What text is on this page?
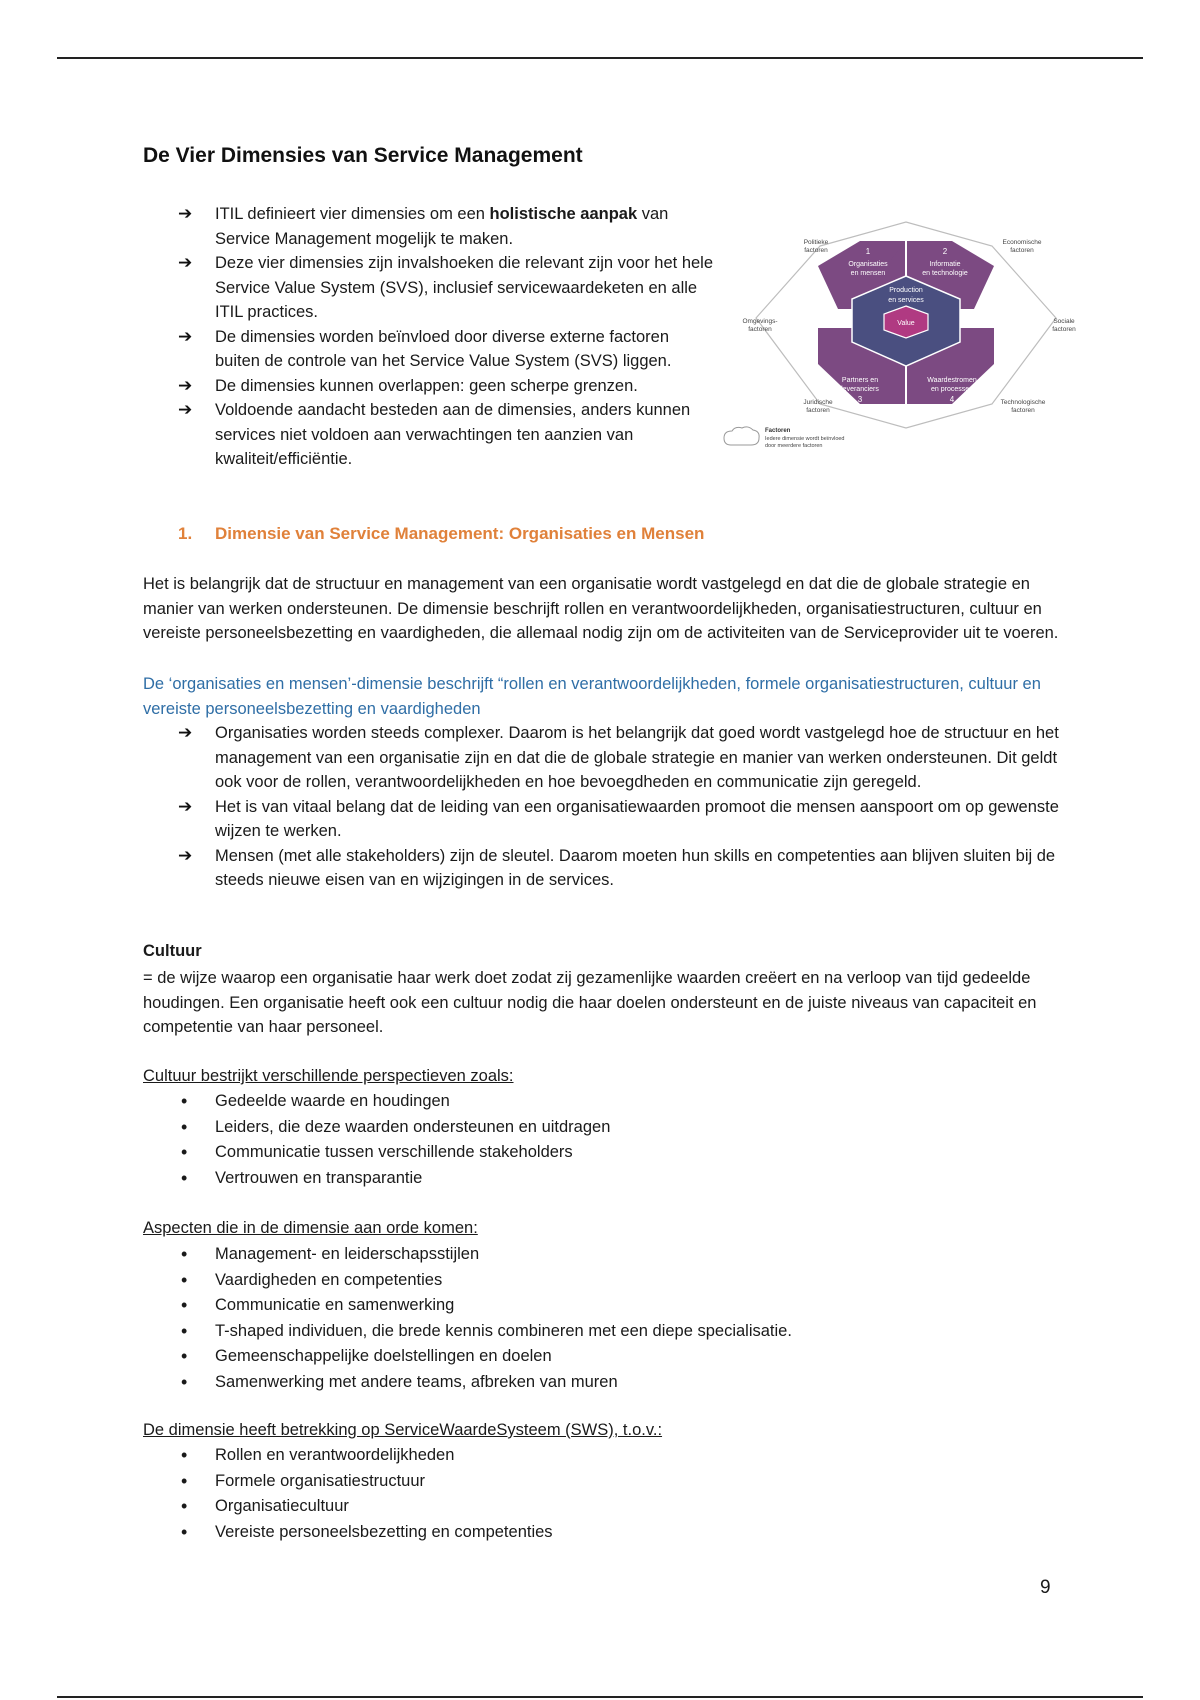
De Vier Dimensies van Service Management
➔ ITIL definieert vier dimensies om een holistische aanpak van Service Management mogelijk te maken.
➔ Deze vier dimensies zijn invalshoeken die relevant zijn voor het hele Service Value System (SVS), inclusief servicewaardeketen en alle ITIL practices.
➔ De dimensies worden beïnvloed door diverse externe factoren buiten de controle van het Service Value System (SVS) liggen.
➔ De dimensies kunnen overlappen: geen scherpe grenzen.
➔ Voldoende aandacht besteden aan de dimensies, anders kunnen services niet voldoen aan verwachtingen ten aanzien van kwaliteit/efficiëntie.
1
Organisaties
en mensen
2
Informatie
en technologie
Partners en
leveranciers
3
Waardestromen
en processen
4
Production
en services
Value
Politieke
factoren
Economische
factoren
Omgevings-
factoren
Sociale
factoren
Juridische
factoren
Technologische
factoren
Factoren
Iedere dimensie wordt beïnvloed
door meerdere factoren
1. Dimensie van Service Management: Organisaties en Mensen

Het is belangrijk dat de structuur en management van een organisatie wordt vastgelegd en dat die de globale strategie en manier van werken ondersteunen. De dimensie beschrijft rollen en verantwoordelijkheden, organisatiestructuren, cultuur en vereiste personeelsbezetting en vaardigheden, die allemaal nodig zijn om de activiteiten van de Serviceprovider uit te voeren.

De ‘organisaties en mensen’-dimensie beschrijft “rollen en verantwoordelijkheden, formele organisatiestructuren, cultuur en vereiste personeelsbezetting en vaardigheden

➔ Organisaties worden steeds complexer. Daarom is het belangrijk dat goed wordt vastgelegd hoe de structuur en het management van een organisatie zijn en dat die de globale strategie en manier van werken ondersteunen. Dit geldt ook voor de rollen, verantwoordelijkheden en hoe bevoegdheden en communicatie zijn geregeld.
➔ Het is van vitaal belang dat de leiding van een organisatiewaarden promoot die mensen aanspoort om op gewenste wijzen te werken.
➔ Mensen (met alle stakeholders) zijn de sleutel. Daarom moeten hun skills en competenties aan blijven sluiten bij de steeds nieuwe eisen van en wijzigingen in de services.
Cultuur

= de wijze waarop een organisatie haar werk doet zodat zij gezamenlijke waarden creëert en na verloop van tijd gedeelde houdingen. Een organisatie heeft ook een cultuur nodig die haar doelen ondersteunt en de juiste niveaus van capaciteit en competentie van haar personeel.

Cultuur bestrijkt verschillende perspectieven zoals:

• Gedeelde waarde en houdingen
• Leiders, die deze waarden ondersteunen en uitdragen
• Communicatie tussen verschillende stakeholders
• Vertrouwen en transparantie

Aspecten die in de dimensie aan orde komen:

• Management- en leiderschapsstijlen
• Vaardigheden en competenties
• Communicatie en samenwerking
• T-shaped individuen, die brede kennis combineren met een diepe specialisatie.
• Gemeenschappelijke doelstellingen en doelen
• Samenwerking met andere teams, afbreken van muren

De dimensie heeft betrekking op ServiceWaardeSysteem (SWS), t.o.v.:

• Rollen en verantwoordelijkheden
• Formele organisatiestructuur
• Organisatiecultuur
• Vereiste personeelsbezetting en competenties
9
